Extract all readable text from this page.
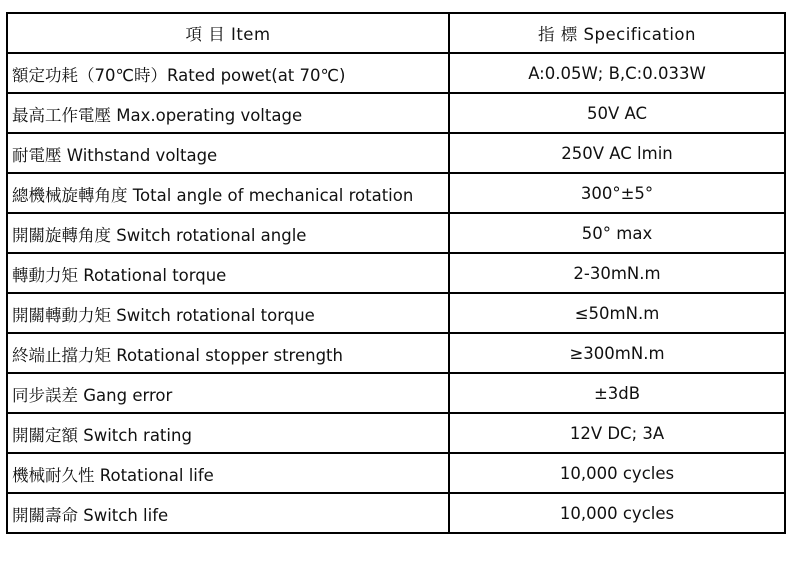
項 目 Item	指 標 Specification
額定功耗（70℃時）Rated powet(at 70℃)	A:0.05W; B,C:0.033W
最高工作電壓 Max.operating voltage	50V AC
耐電壓 Withstand voltage	250V AC lmin
總機械旋轉角度 Total angle of mechanical rotation	300°±5°
開關旋轉角度 Switch rotational angle	50° max
轉動力矩 Rotational torque	2-30mN.m
開關轉動力矩 Switch rotational torque	≤50mN.m
終端止擋力矩 Rotational stopper strength	≥300mN.m
同步誤差 Gang error	±3dB
開關定額 Switch rating	12V DC; 3A
機械耐久性 Rotational life	10,000 cycles
開關壽命 Switch life	10,000 cycles
